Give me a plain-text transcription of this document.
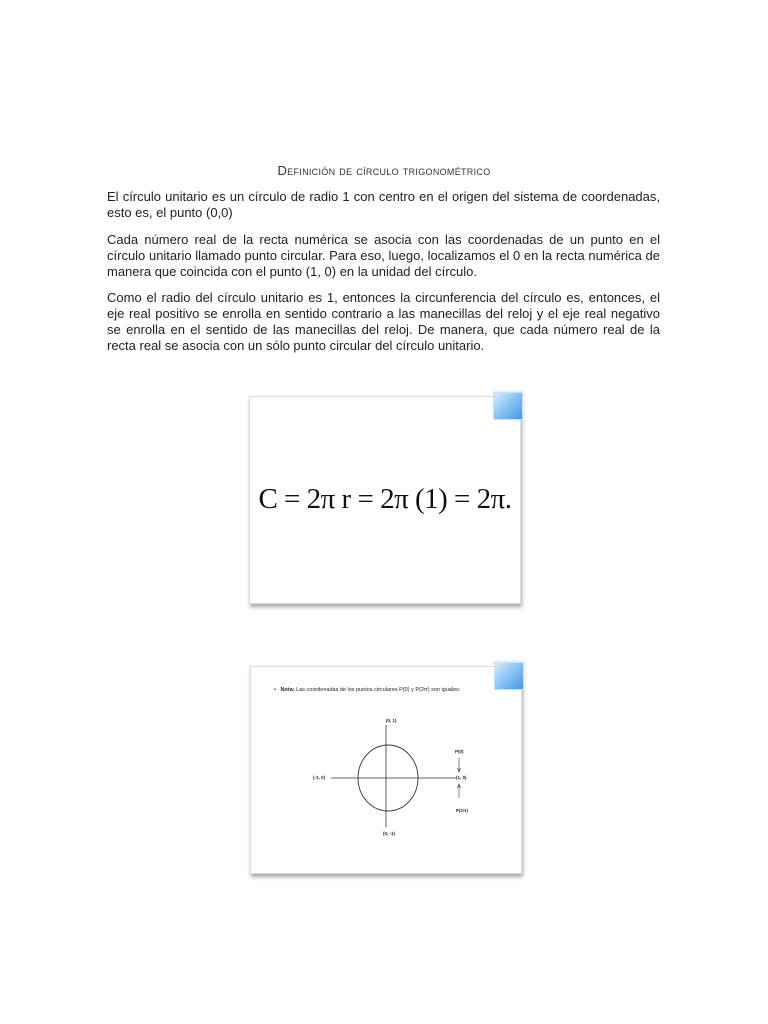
Definición de círculo trigonométrico

El círculo unitario es un círculo de radio 1 con centro en el origen del sistema de coordenadas, esto es, el punto (0,0)

Cada número real de la recta numérica se asocia con las coordenadas de un punto en el círculo unitario llamado punto circular. Para eso, luego, localizamos el 0 en la recta numérica de manera que coincida con el punto (1, 0) en la unidad del círculo.

Como el radio del círculo unitario es 1, entonces la circunferencia del círculo es, entonces, el eje real positivo se enrolla en sentido contrario a las manecillas del reloj y el eje real negativo se enrolla en el sentido de las manecillas del reloj. De manera, que cada número real de la recta real se asocia con un sólo punto circular del círculo unitario.

C = 2π r = 2π (1) = 2π.
• Nota: Las coordenadas de los puntos circulares P(0) y P(2π) son iguales:
(0, 1)
(-1, 0)	(1, 0)
(0, -1)
P(0)
P(2π)
